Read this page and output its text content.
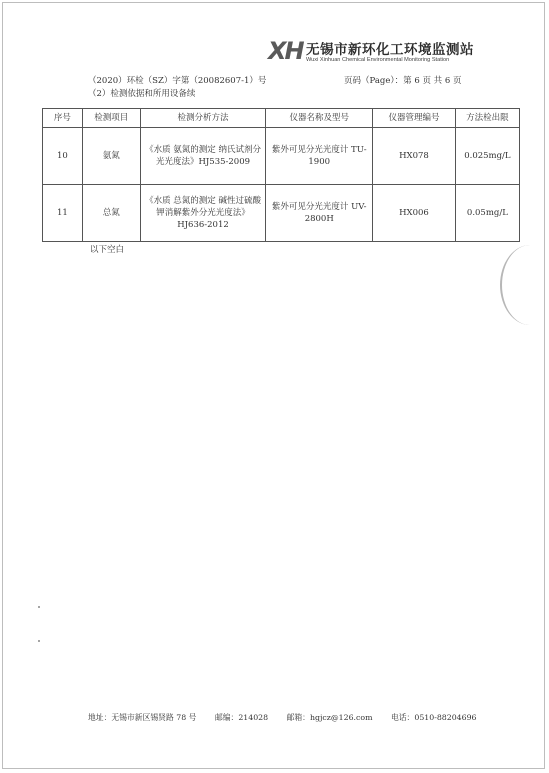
XH 无锡市新环化工环境监测站
Wuxi Xinhuan Chemical Environmental Monitoring Station
（2020）环检（SZ）字第（20082607-1）号	页码（Page）：第 6 页 共 6 页
（2）检测依据和所用设备续
序号	检测项目	检测分析方法	仪器名称及型号	仪器管理编号	方法检出限
10	氨氮	《水质 氨氮的测定 纳氏试剂分光光度法》HJ535-2009	紫外可见分光光度计 TU-1900	HX078	0.025mg/L
11	总氮	《水质 总氮的测定 碱性过硫酸钾消解紫外分光光度法》HJ636-2012	紫外可见分光光度计 UV-2800H	HX006	0.05mg/L
以下空白
地址：无锡市新区锡贤路 78 号 邮编：214028 邮箱：hgjcz@126.com 电话：0510-88204696
